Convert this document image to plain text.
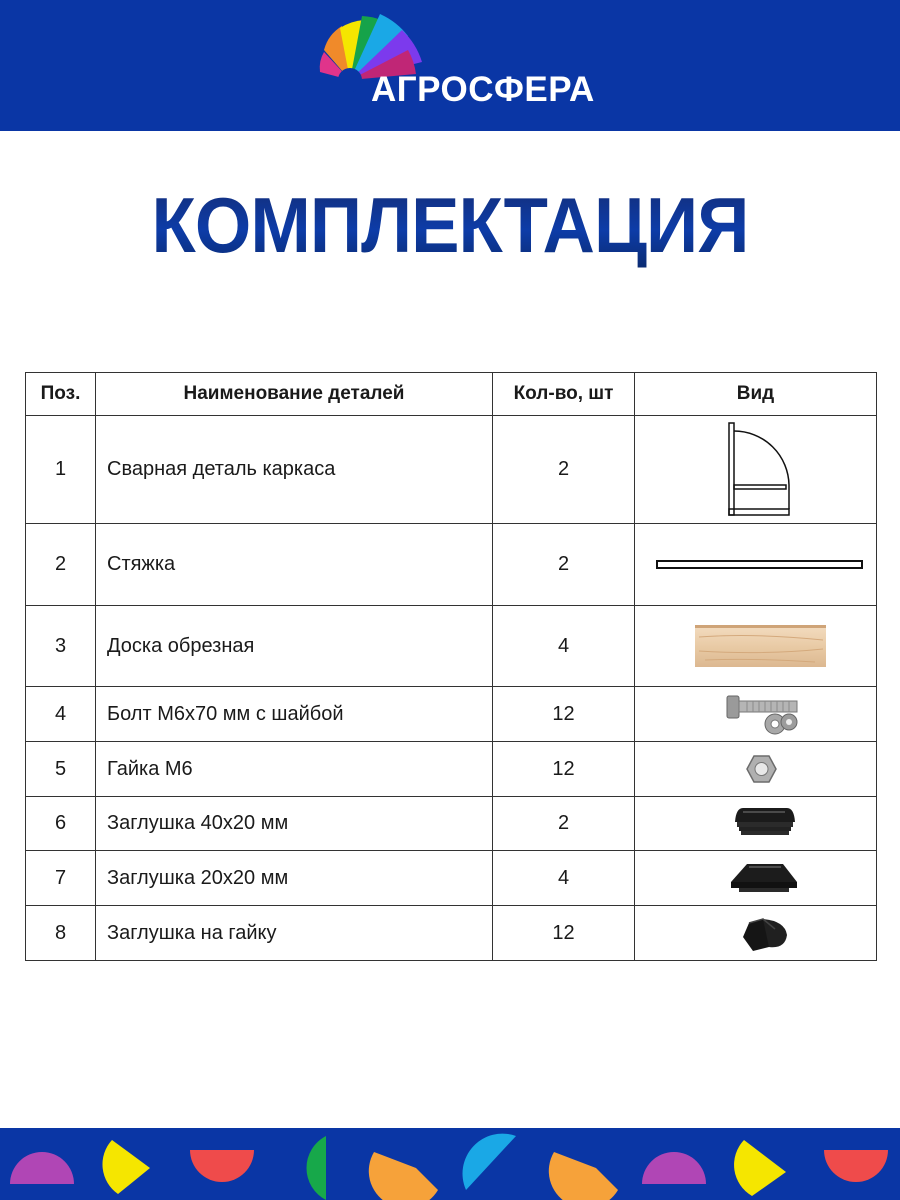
АГРОСФЕРА
КОМПЛЕКТАЦИЯ
Поз.	Наименование деталей	Кол-во, шт	Вид
1	Сварная деталь каркаса	2	

2	Стяжка	2	

3	Доска обрезная	4	

4	Болт М6х70 мм с шайбой	12	

5	Гайка М6	12	

6	Заглушка 40х20 мм	2	

7	Заглушка 20х20 мм	4	

8	Заглушка на гайку	12	
